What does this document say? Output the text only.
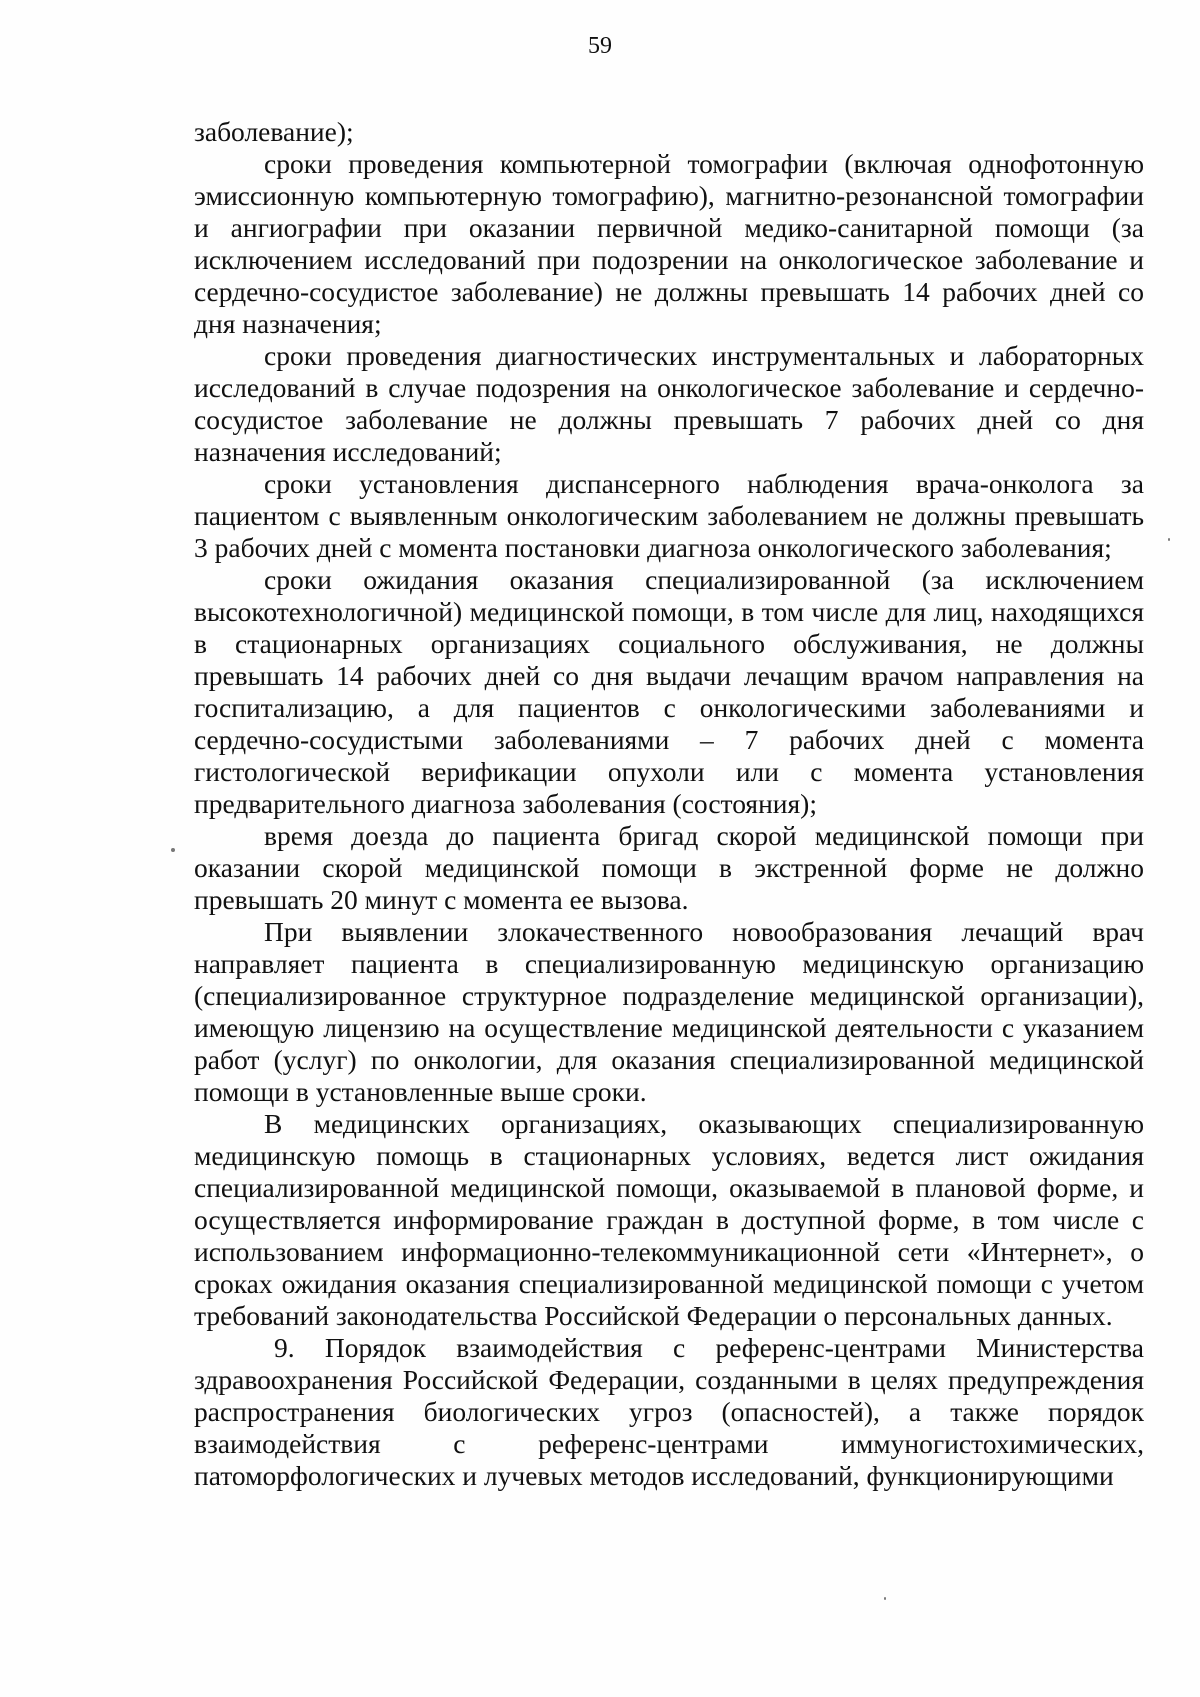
59

заболевание);

сроки проведения компьютерной томографии (включая однофотонную эмиссионную компьютерную томографию), магнитно-резонансной томографии и ангиографии при оказании первичной медико-санитарной помощи (за исключением исследований при подозрении на онкологическое заболевание и сердечно-сосудистое заболевание) не должны превышать 14 рабочих дней со дня назначения;

сроки проведения диагностических инструментальных и лабораторных исследований в случае подозрения на онкологическое заболевание и сердечно-сосудистое заболевание не должны превышать 7 рабочих дней со дня назначения исследований;

сроки установления диспансерного наблюдения врача-онколога за пациентом с выявленным онкологическим заболеванием не должны превышать 3 рабочих дней с момента постановки диагноза онкологического заболевания;

сроки ожидания оказания специализированной (за исключением высокотехнологичной) медицинской помощи, в том числе для лиц, находящихся в стационарных организациях социального обслуживания, не должны превышать 14 рабочих дней со дня выдачи лечащим врачом направления на госпитализацию, а для пациентов с онкологическими заболеваниями и сердечно-сосудистыми заболеваниями – 7 рабочих дней с момента гистологической верификации опухоли или с момента установления предварительного диагноза заболевания (состояния);

время доезда до пациента бригад скорой медицинской помощи при оказании скорой медицинской помощи в экстренной форме не должно превышать 20 минут с момента ее вызова.

При выявлении злокачественного новообразования лечащий врач направляет пациента в специализированную медицинскую организацию (специализированное структурное подразделение медицинской организации), имеющую лицензию на осуществление медицинской деятельности с указанием работ (услуг) по онкологии, для оказания специализированной медицинской помощи в установленные выше сроки.

В медицинских организациях, оказывающих специализированную медицинскую помощь в стационарных условиях, ведется лист ожидания специализированной медицинской помощи, оказываемой в плановой форме, и осуществляется информирование граждан в доступной форме, в том числе с использованием информационно-телекоммуникационной сети «Интернет», о сроках ожидания оказания специализированной медицинской помощи с учетом требований законодательства Российской Федерации о персональных данных.

9. Порядок взаимодействия с референс-центрами Министерства здравоохранения Российской Федерации, созданными в целях предупреждения распространения биологических угроз (опасностей), а также порядок взаимодействия с референс-центрами иммуногистохимических, патоморфологических и лучевых методов исследований, функционирующими
